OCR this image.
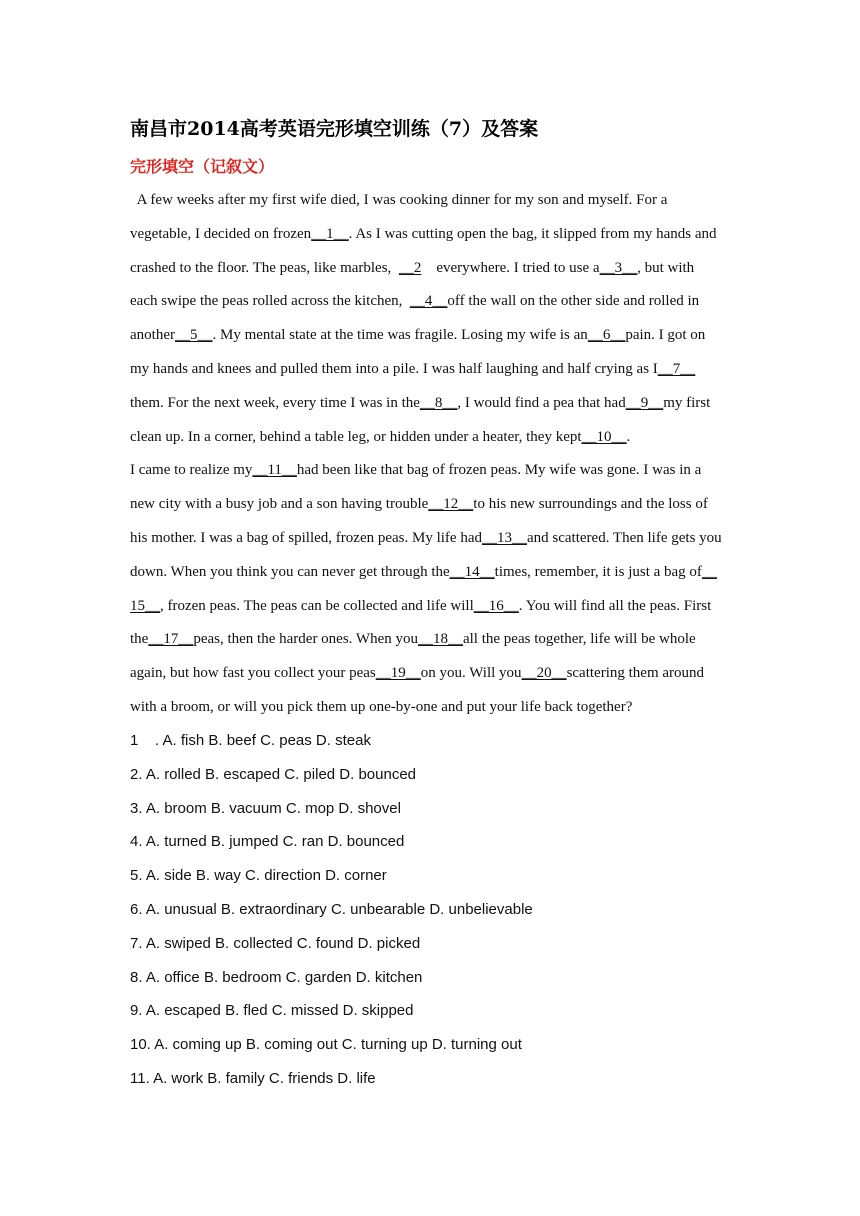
南昌市2014高考英语完形填空训练（7）及答案
完形填空（记叙文）
A few weeks after my first wife died, I was cooking dinner for my son and myself. For a
vegetable, I decided on frozen__1__. As I was cutting open the bag, it slipped from my hands and
crashed to the floor. The peas, like marbles,  __2    everywhere. I tried to use a__3__, but with
each swipe the peas rolled across the kitchen,  __4__off the wall on the other side and rolled in
another__5__. My mental state at the time was fragile. Losing my wife is an__6__pain. I got on
my hands and knees and pulled them into a pile. I was half laughing and half crying as I__7__
them. For the next week, every time I was in the__8__, I would find a pea that had__9__my first
clean up. In a corner, behind a table leg, or hidden under a heater, they kept__10__.
I came to realize my__11__had been like that bag of frozen peas. My wife was gone. I was in a
new city with a busy job and a son having trouble__12__to his new surroundings and the loss of
his mother. I was a bag of spilled, frozen peas. My life had__13__and scattered. Then life gets you
down. When you think you can never get through the__14__times, remember, it is just a bag of__
15__, frozen peas. The peas can be collected and life will__16__. You will find all the peas. First
the__17__peas, then the harder ones. When you__18__all the peas together, life will be whole
again, but how fast you collect your peas__19__on you. Will you__20__scattering them around
with a broom, or will you pick them up one-by-one and put your life back together?
1    . A. fish B. beef C. peas D. steak
2. A. rolled B. escaped C. piled D. bounced
3. A. broom B. vacuum C. mop D. shovel
4. A. turned B. jumped C. ran D. bounced
5. A. side B. way C. direction D. corner
6. A. unusual B. extraordinary C. unbearable D. unbelievable
7. A. swiped B. collected C. found D. picked
8. A. office B. bedroom C. garden D. kitchen
9. A. escaped B. fled C. missed D. skipped
10. A. coming up B. coming out C. turning up D. turning out
11. A. work B. family C. friends D. life
